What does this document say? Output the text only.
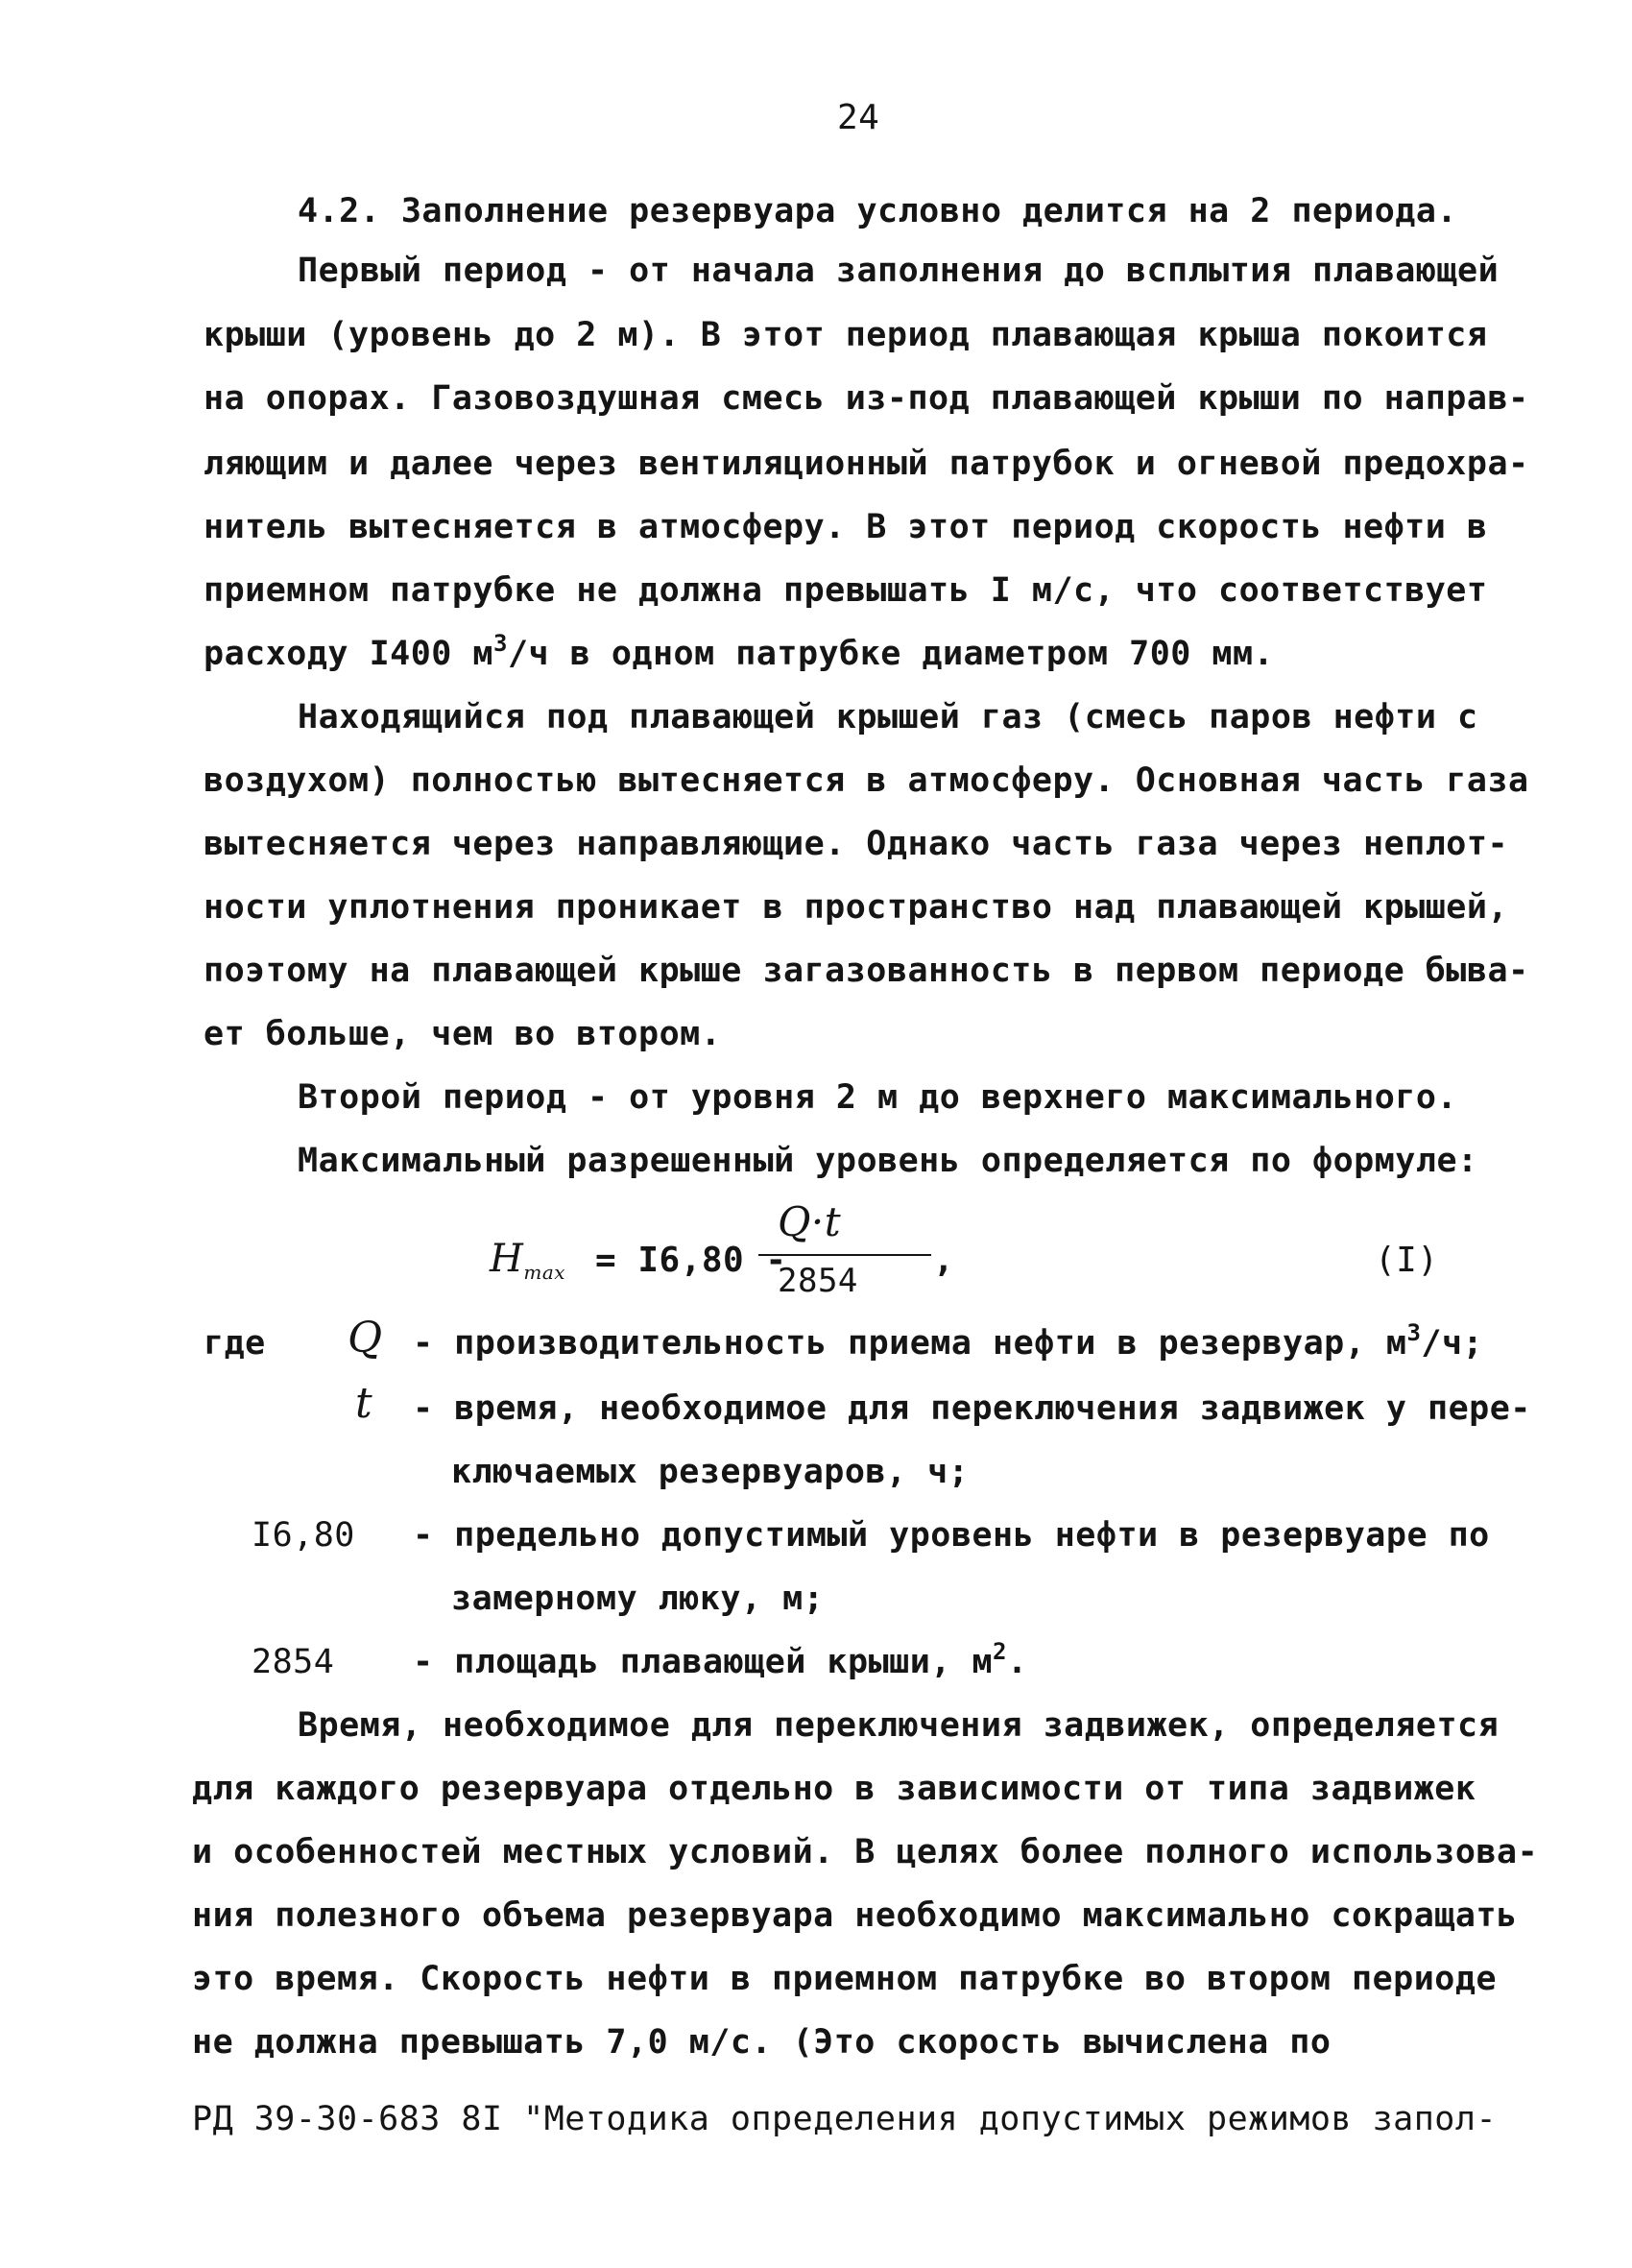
24
4.2. Заполнение резервуара условно делится на 2 периода.
Первый период - от начала заполнения до всплытия плавающей
крыши (уровень до 2 м). В этот период плавающая крыша покоится
на опорах. Газовоздушная смесь из-под плавающей крыши по направ-
ляющим и далее через вентиляционный патрубок и огневой предохра-
нитель вытесняется в атмосферу. В этот период скорость нефти в
приемном патрубке не должна превышать I м/с, что соответствует
расходу I400 $м^3/ч$ в одном патрубке диаметром 700 мм.
Находящийся под плавающей крышей газ (смесь паров нефти с
воздухом) полностью вытесняется в атмосферу. Основная часть газа
вытесняется через направляющие. Однако часть газа через неплот-
ности уплотнения проникает в пространство над плавающей крышей,
поэтому на плавающей крыше загазованность в первом периоде быва-
ет больше, чем во втором.
Второй период - от уровня 2 м до верхнего максимального.
Максимальный разрешенный уровень определяется по формуле:
$H_{max} = I6,80$ -
Q·t
2854
,	(I)
где Q - производительность приема нефти в резервуар, $м^3/ч$;
t - время, необходимое для переключения задвижек у пере-
ключаемых резервуаров, ч;
I6,80 - предельно допустимый уровень нефти в резервуаре по
замерному люку, м;
2854 - площадь плавающей крыши, $м^2$.
Время, необходимое для переключения задвижек, определяется
для каждого резервуара отдельно в зависимости от типа задвижек
и особенностей местных условий. В целях более полного использова-
ния полезного объема резервуара необходимо максимально сокращать
это время. Скорость нефти в приемном патрубке во втором периоде
не должна превышать 7,0 м/с. (Это скорость вычислена по
РД 39-30-683 8I "Методика определения допустимых режимов запол-
